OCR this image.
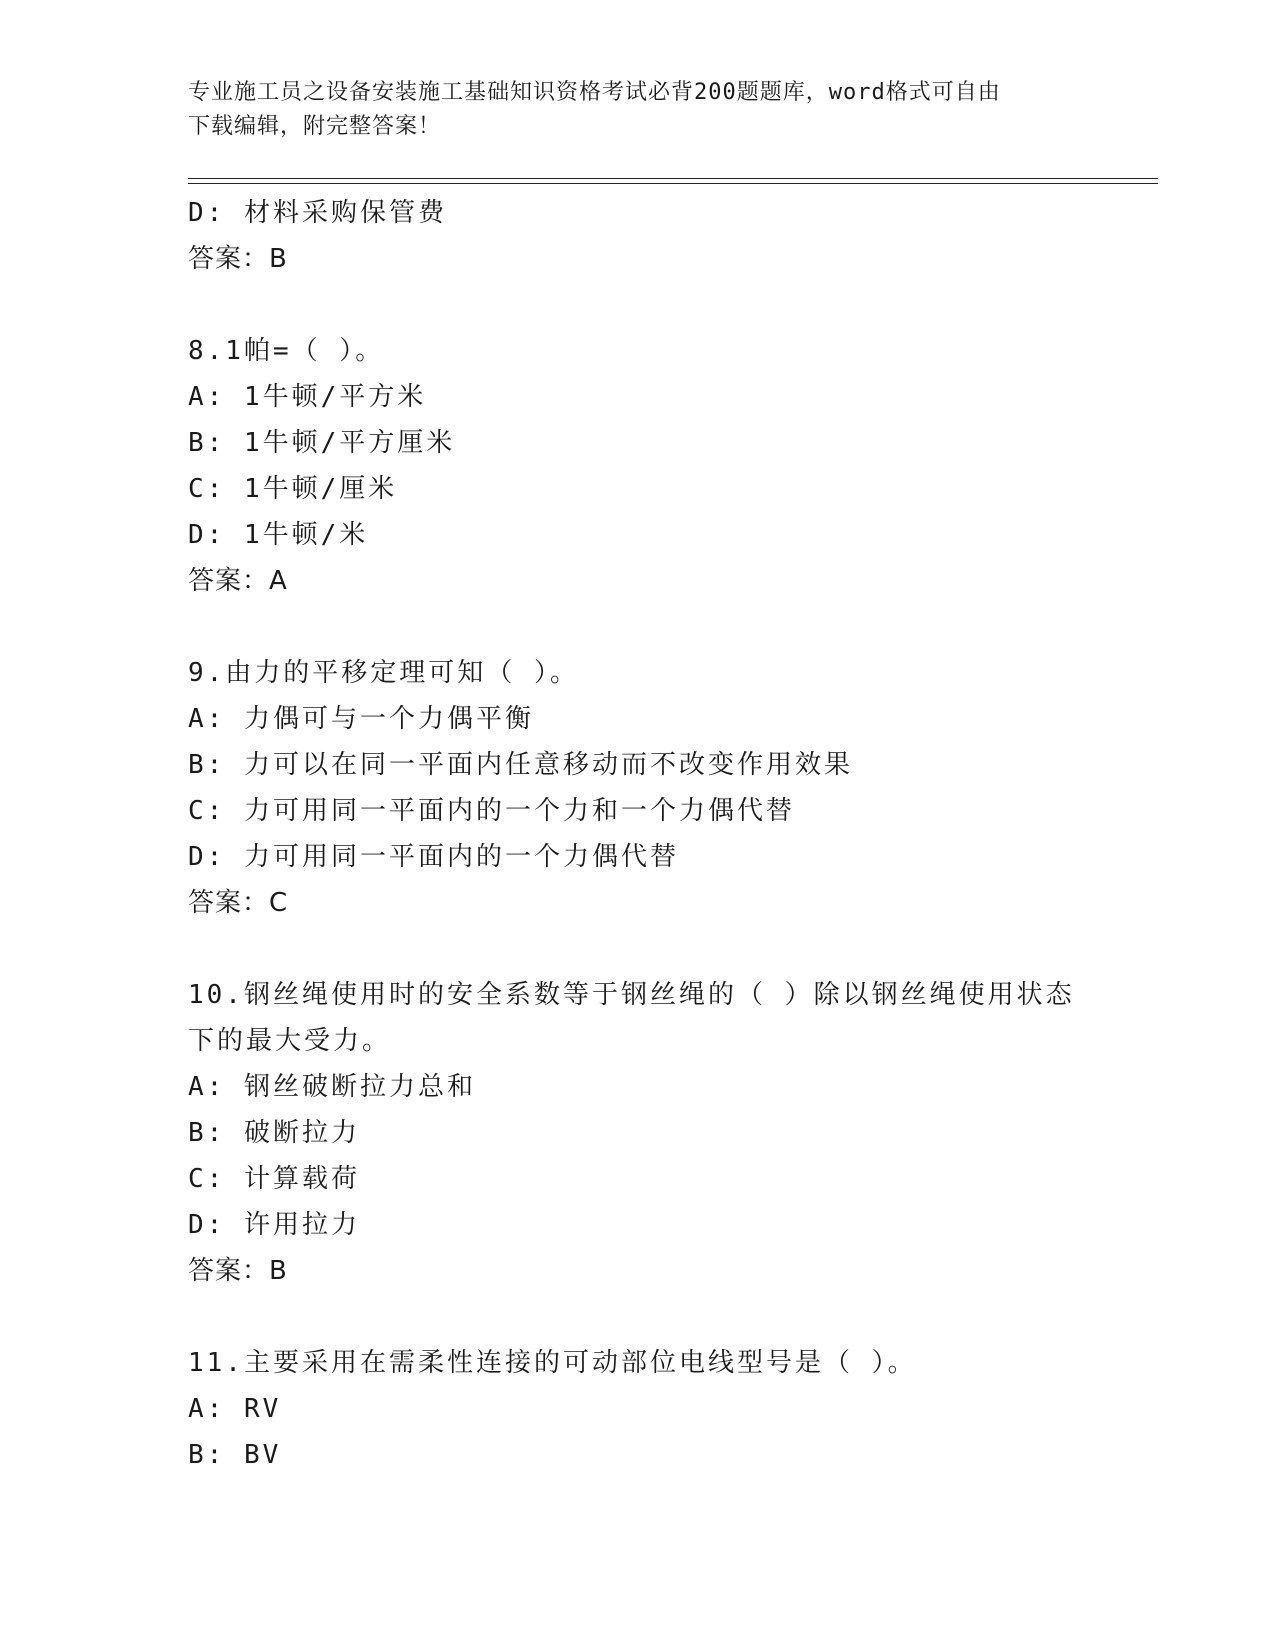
专业施工员之设备安装施工基础知识资格考试必背200题题库，word格式可自由
下载编辑，附完整答案！
D: 材料采购保管费
答案：B
8.1帕=（ ）。
A: 1牛顿/平方米
B: 1牛顿/平方厘米
C: 1牛顿/厘米
D: 1牛顿/米
答案：A
9.由力的平移定理可知（ ）。
A: 力偶可与一个力偶平衡
B: 力可以在同一平面内任意移动而不改变作用效果
C: 力可用同一平面内的一个力和一个力偶代替
D: 力可用同一平面内的一个力偶代替
答案：C
10.钢丝绳使用时的安全系数等于钢丝绳的（ ）除以钢丝绳使用状态
下的最大受力。
A: 钢丝破断拉力总和
B: 破断拉力
C: 计算载荷
D: 许用拉力
答案：B
11.主要采用在需柔性连接的可动部位电线型号是（ ）。
A: RV
B: BV
